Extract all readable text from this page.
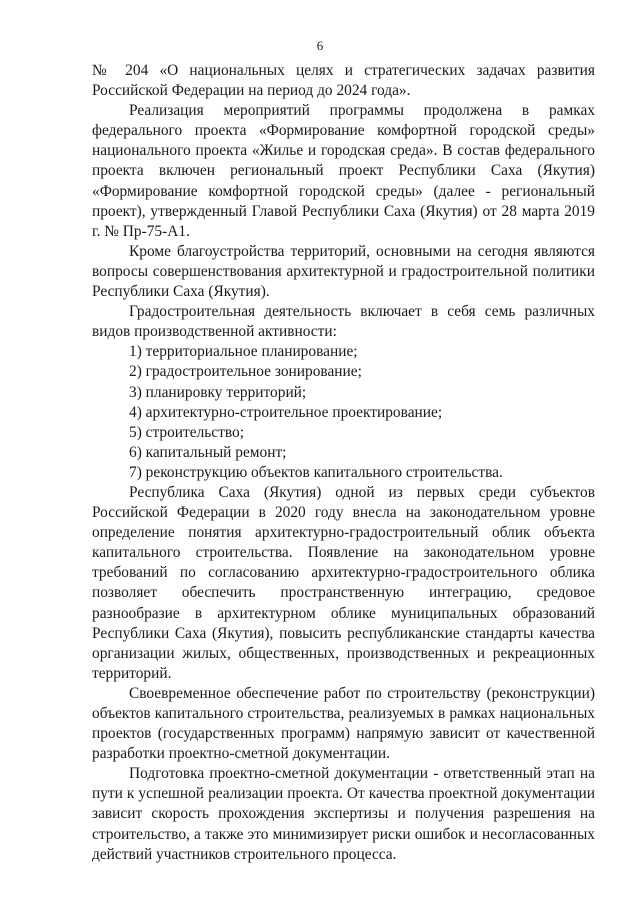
6

№ 204 «О национальных целях и стратегических задачах развития Российской Федерации на период до 2024 года».

Реализация мероприятий программы продолжена в рамках федерального проекта «Формирование комфортной городской среды» национального проекта «Жилье и городская среда». В состав федерального проекта включен региональный проект Республики Саха (Якутия) «Формирование комфортной городской среды» (далее - региональный проект), утвержденный Главой Республики Саха (Якутия) от 28 марта 2019 г. № Пр-75-А1.

Кроме благоустройства территорий, основными на сегодня являются вопросы совершенствования архитектурной и градостроительной политики Республики Саха (Якутия).

Градостроительная деятельность включает в себя семь различных видов производственной активности:

1) территориальное планирование;
2) градостроительное зонирование;
3) планировку территорий;
4) архитектурно-строительное проектирование;
5) строительство;
6) капитальный ремонт;
7) реконструкцию объектов капитального строительства.

Республика Саха (Якутия) одной из первых среди субъектов Российской Федерации в 2020 году внесла на законодательном уровне определение понятия архитектурно-градостроительный облик объекта капитального строительства. Появление на законодательном уровне требований по согласованию архитектурно-градостроительного облика позволяет обеспечить пространственную интеграцию, средовое разнообразие в архитектурном облике муниципальных образований Республики Саха (Якутия), повысить республиканские стандарты качества организации жилых, общественных, производственных и рекреационных территорий.

Своевременное обеспечение работ по строительству (реконструкции) объектов капитального строительства, реализуемых в рамках национальных проектов (государственных программ) напрямую зависит от качественной разработки проектно-сметной документации.

Подготовка проектно-сметной документации - ответственный этап на пути к успешной реализации проекта. От качества проектной документации зависит скорость прохождения экспертизы и получения разрешения на строительство, а также это минимизирует риски ошибок и несогласованных действий участников строительного процесса.
